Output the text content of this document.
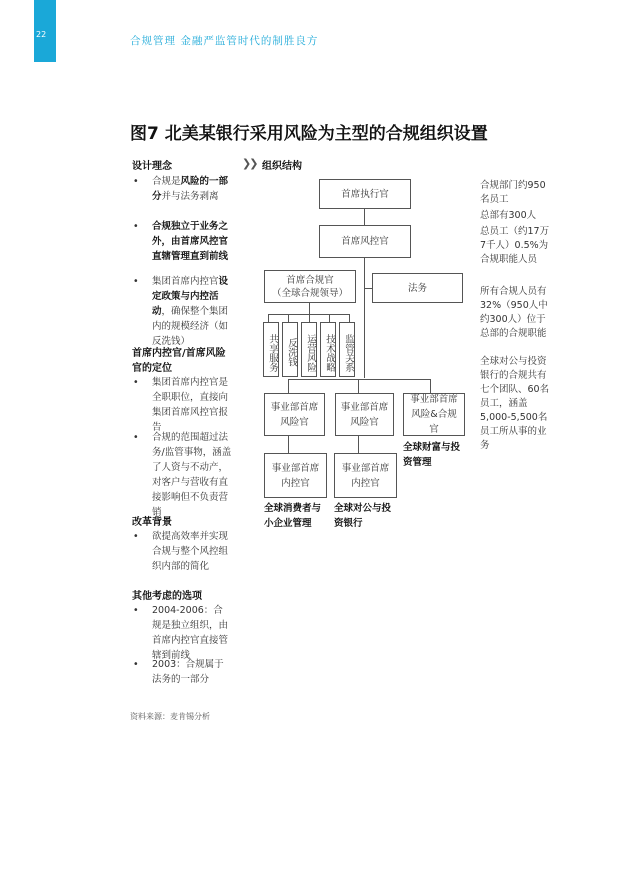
22
合规管理 金融严监管时代的制胜良方
图7 北美某银行采用风险为主型的合规组织设置
设计理念
• 合规是风险的一部分并与法务剥离
• 合规独立于业务之外，由首席风控官直辖管理直到前线
• 集团首席内控官设定政策与内控活动，确保整个集团内的规模经济（如反洗钱）
首席内控官/首席风险官的定位
• 集团首席内控官是全职职位，直接向集团首席风控官报告
• 合规的范围超过法务/监管事物，涵盖了人资与不动产，对客户与营收有直接影响但不负责营销
改革背景
• 欲提高效率并实现合规与整个风控组织内部的简化
其他考虑的选项
• 2004-2006：合规是独立组织，由首席内控官直接管辖到前线
• 2003：合规属于法务的一部分
❯❯ 组织结构
首席执行官
首席风控官
首席合规官
（全球合规领导）	法务
共享服务 反洗钱 运营风险 技术战略 监管关系
事业部首席风险官
事业部首席风险官
事业部首席风险&合规官
事业部首席内控官
事业部首席内控官
全球消费者与小企业管理
全球对公与投资银行
全球财富与投资管理
合规部门约950名员工
总部有300人
总员工（约17万7千人）0.5%为合规职能人员
所有合规人员有32%（950人中约300人）位于总部的合规职能
全球对公与投资银行的合规共有七个团队、60名员工，涵盖5,000-5,500名员工所从事的业务
资料来源：麦肯锡分析
